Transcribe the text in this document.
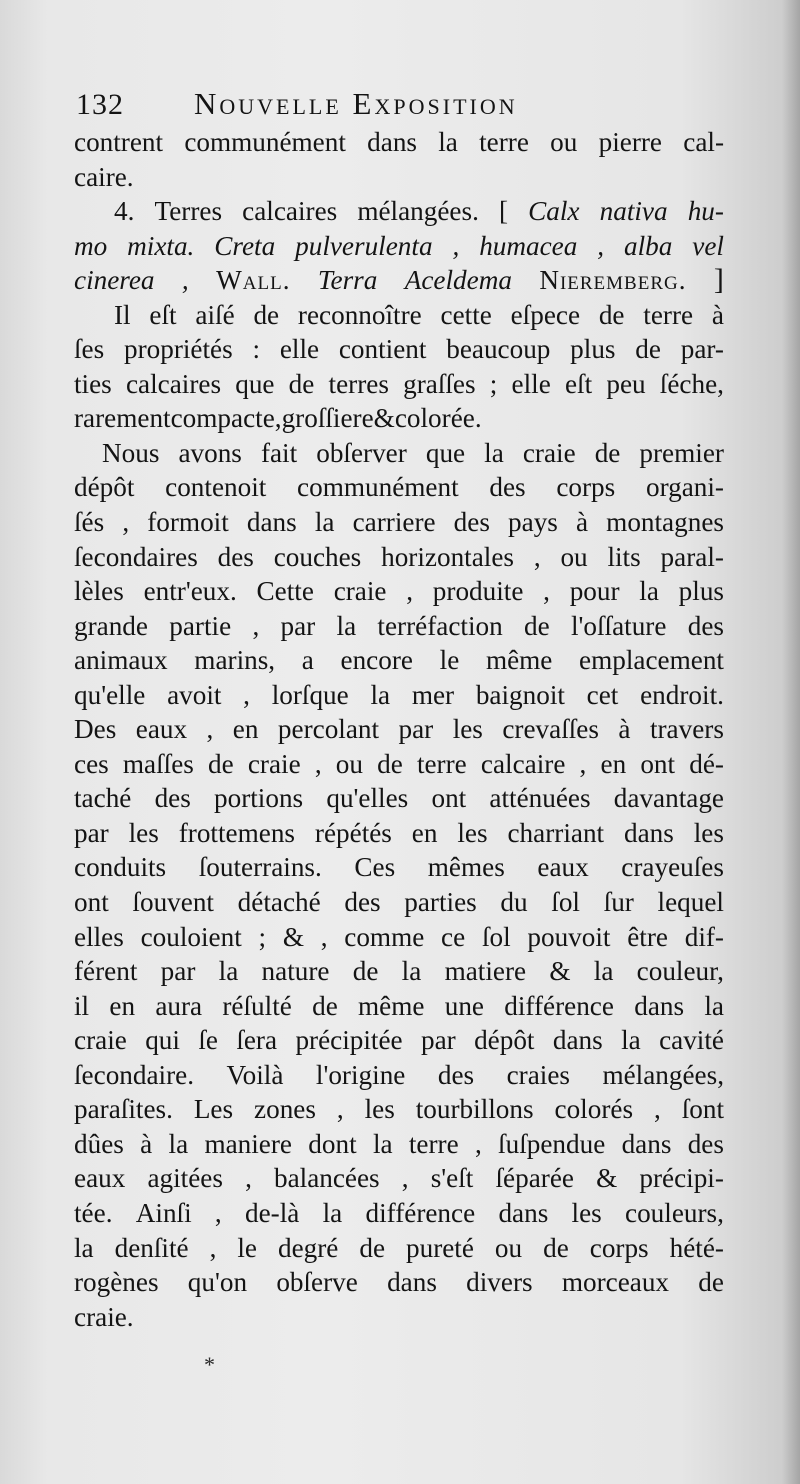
132 Nouvelle Exposition
contrent communément dans la terre ou pierre cal-
caire.
4. Terres calcaires mélangées. [ Calx nativa hu-
mo mixta. Creta pulverulenta , humacea , alba vel
cinerea , Wall. Terra Aceldema Nieremberg. ]
Il eſt aiſé de reconnoître cette eſpece de terre à
ſes propriétés : elle contient beaucoup plus de par-
ties calcaires que de terres graſſes ; elle eſt peu ſéche,
rarement compacte , groſſiere & colorée.
Nous avons fait obſerver que la craie de premier
dépôt contenoit communément des corps organi-
ſés , formoit dans la carriere des pays à montagnes
ſecondaires des couches horizontales , ou lits paral-
lèles entr'eux. Cette craie , produite , pour la plus
grande partie , par la terréfaction de l'oſſature des
animaux marins, a encore le même emplacement
qu'elle avoit , lorſque la mer baignoit cet endroit.
Des eaux , en percolant par les crevaſſes à travers
ces maſſes de craie , ou de terre calcaire , en ont dé-
taché des portions qu'elles ont atténuées davantage
par les frottemens répétés en les charriant dans les
conduits ſouterrains. Ces mêmes eaux crayeuſes
ont ſouvent détaché des parties du ſol ſur lequel
elles couloient ; & , comme ce ſol pouvoit être dif-
férent par la nature de la matiere & la couleur,
il en aura réſulté de même une différence dans la
craie qui ſe ſera précipitée par dépôt dans la cavité
ſecondaire. Voilà l'origine des craies mélangées,
paraſites. Les zones , les tourbillons colorés , ſont
dûes à la maniere dont la terre , ſuſpendue dans des
eaux agitées , balancées , s'eſt ſéparée & précipi-
tée. Ainſi , de-là la différence dans les couleurs,
la denſité , le degré de pureté ou de corps hété-
rogènes qu'on obſerve dans divers morceaux de
craie.
*
